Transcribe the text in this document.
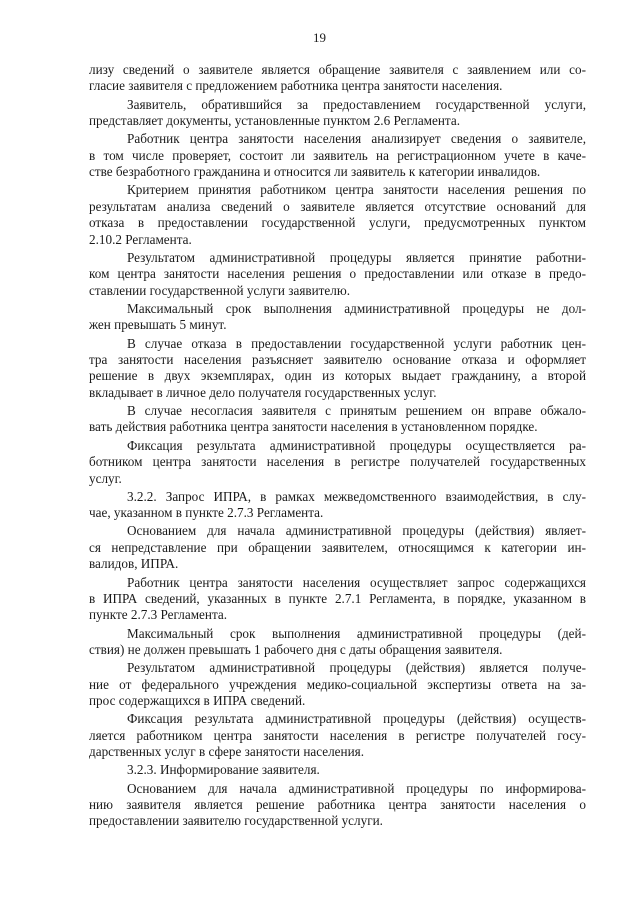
19
лизу сведений о заявителе является обращение заявителя с заявлением или со-
гласие заявителя с предложением работника центра занятости населения.
Заявитель, обратившийся за предоставлением государственной услуги,
представляет документы, установленные пунктом 2.6 Регламента.
Работник центра занятости населения анализирует сведения о заявителе,
в том числе проверяет, состоит ли заявитель на регистрационном учете в каче-
стве безработного гражданина и относится ли заявитель к категории инвалидов.
Критерием принятия работником центра занятости населения решения по
результатам анализа сведений о заявителе является отсутствие оснований для
отказа в предоставлении государственной услуги, предусмотренных пунктом
2.10.2 Регламента.
Результатом административной процедуры является принятие работни-
ком центра занятости населения решения о предоставлении или отказе в предо-
ставлении государственной услуги заявителю.
Максимальный срок выполнения административной процедуры не дол-
жен превышать 5 минут.
В случае отказа в предоставлении государственной услуги работник цен-
тра занятости населения разъясняет заявителю основание отказа и оформляет
решение в двух экземплярах, один из которых выдает гражданину, а второй
вкладывает в личное дело получателя государственных услуг.
В случае несогласия заявителя с принятым решением он вправе обжало-
вать действия работника центра занятости населения в установленном порядке.
Фиксация результата административной процедуры осуществляется ра-
ботником центра занятости населения в регистре получателей государственных
услуг.
3.2.2. Запрос ИПРА, в рамках межведомственного взаимодействия, в слу-
чае, указанном в пункте 2.7.3 Регламента.
Основанием для начала административной процедуры (действия) являет-
ся непредставление при обращении заявителем, относящимся к категории ин-
валидов, ИПРА.
Работник центра занятости населения осуществляет запрос содержащихся
в ИПРА сведений, указанных в пункте 2.7.1 Регламента, в порядке, указанном в
пункте 2.7.3 Регламента.
Максимальный срок выполнения административной процедуры (дей-
ствия) не должен превышать 1 рабочего дня с даты обращения заявителя.
Результатом административной процедуры (действия) является получе-
ние от федерального учреждения медико-социальной экспертизы ответа на за-
прос содержащихся в ИПРА сведений.
Фиксация результата административной процедуры (действия) осуществ-
ляется работником центра занятости населения в регистре получателей госу-
дарственных услуг в сфере занятости населения.
3.2.3. Информирование заявителя.
Основанием для начала административной процедуры по информирова-
нию заявителя является решение работника центра занятости населения о
предоставлении заявителю государственной услуги.
